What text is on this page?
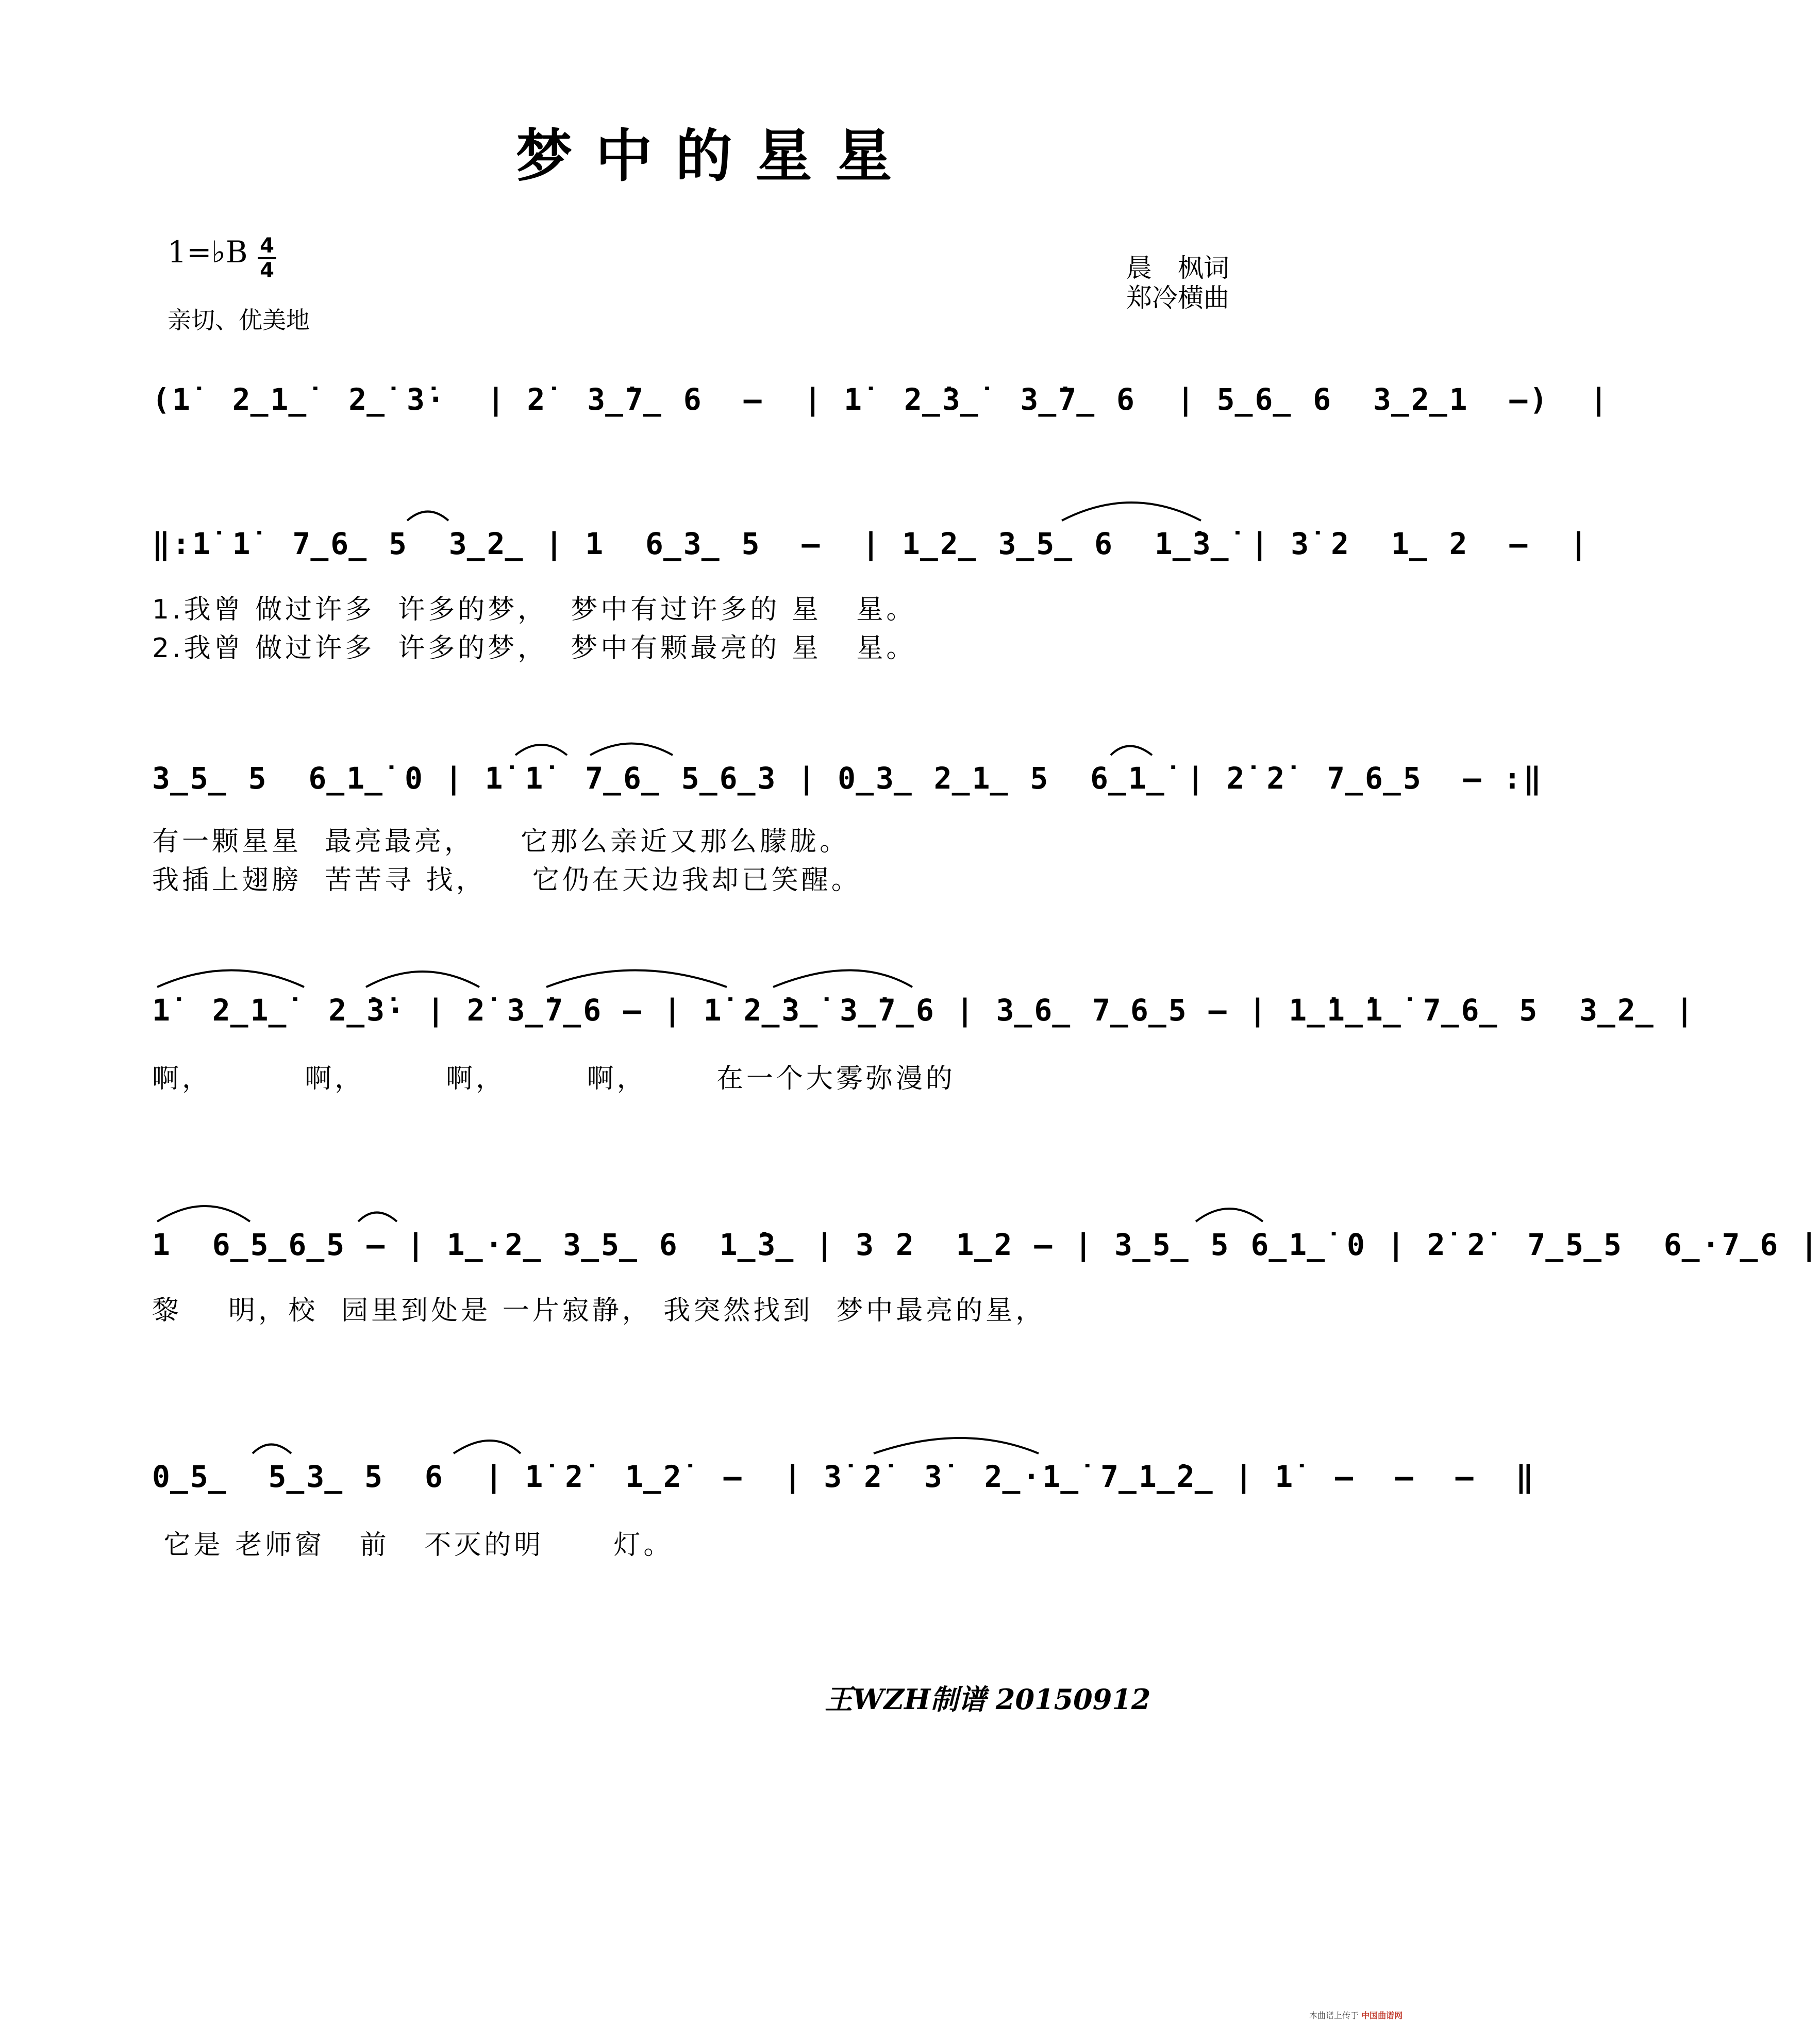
梦中的星星
1=♭B 4
4
亲切、优美地
晨　枫词
郑冷横曲
(1̇  2̲1̲̇  2̲̇ 3̇·  | 2̇  3̲̇7̲ 6  –  | 1̇  2̲̇3̲̇  3̲̇7̲ 6  | 5̲6̲ 6  3̲2̲1  –)  |
‖:1̇ 1̇  7̲6̲ 5  3̲2̲ | 1  6̲3̲ 5  –  | 1̲2̲ 3̲5̲ 6  1̲̇3̲̇ | 3̇ 2  1̲ 2  –  |
1.我曾 做过许多  许多的梦，  梦中有过许多的 星   星。
2.我曾 做过许多  许多的梦，  梦中有颗最亮的 星   星。
3̲5̲ 5  6̲1̲̇ 0 | 1̇ 1̇  7̲6̲ 5̲6̲3 | 0̲3̲ 2̲1̲ 5  6̲1̲̇ | 2̇ 2̇  7̲6̲5  – :‖
有一颗星星  最亮最亮，    它那么亲近又那么朦胧。
我插上翅膀  苦苦寻 找，    它仍在天边我却已笑醒。
1̇  2̲1̲̇  2̲̇3̇· | 2̇ 3̲̇7̲6 – | 1̇ 2̲̇3̲̇ 3̲̇7̲6 | 3̲6̲ 7̲6̲5 – | 1̲̇1̲̇1̲̇ 7̲6̲ 5  3̲2̲ |
啊，        啊，       啊，       啊，      在一个大雾弥漫的
1  6̲5̲6̲5 – | 1̲·2̲ 3̲5̲ 6  1̲̇3̲ | 3 2  1̲2 – | 3̲5̲ 5 6̲1̲̇ 0 | 2̇ 2̇  7̲5̲5  6̲·7̲6 |
黎    明，校  园里到处是 一片寂静， 我突然找到  梦中最亮的星，
0̲5̲  5̲3̲ 5  6  | 1̇ 2̇  1̲2̇  –  | 3̇ 2̇  3̇  2̲·1̲̇ 7̲1̲̇2̲ | 1̇  –  –  –  ‖
它是 老师窗   前   不灭的明      灯。
王WZH制谱 20150912
本曲谱上传于 中国曲谱网
